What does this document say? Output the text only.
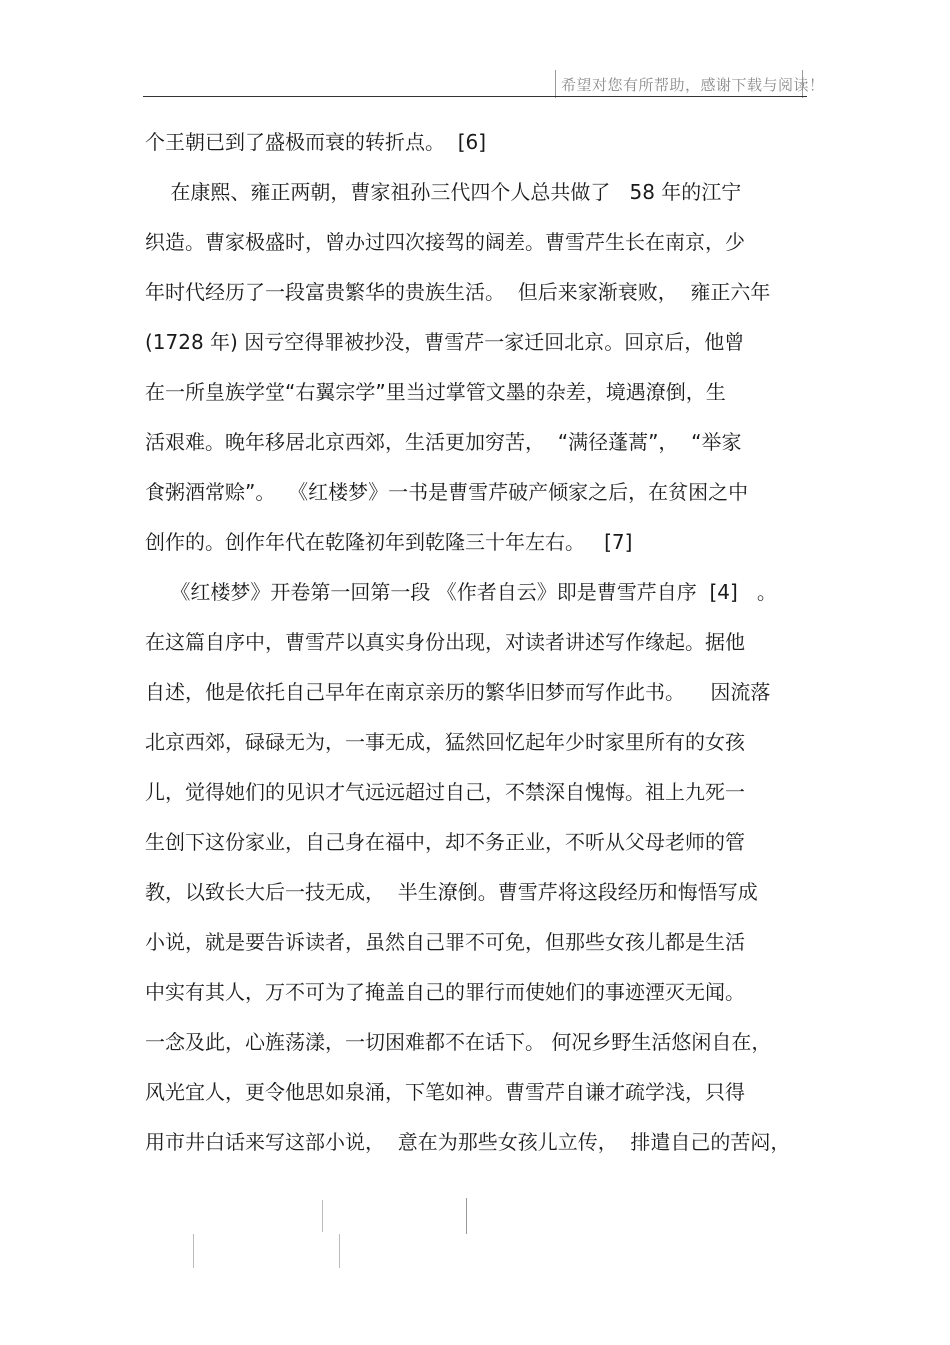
希望对您有所帮助，感谢下载与阅读！
个王朝已到了盛极而衰的转折点。  [6]
在康熙、雍正两朝，曹家祖孙三代四个人总共做了   58 年的江宁
织造。曹家极盛时，曾办过四次接驾的阔差。曹雪芹生长在南京，少
年时代经历了一段富贵繁华的贵族生活。  但后来家渐衰败，  雍正六年
(1728 年) 因亏空得罪被抄没，曹雪芹一家迁回北京。回京后，他曾
在一所皇族学堂“右翼宗学”里当过掌管文墨的杂差，境遇潦倒，生
活艰难。晚年移居北京西郊，生活更加穷苦，  “满径蓬蒿”，  “举家
食粥酒常赊”。  《红楼梦》一书是曹雪芹破产倾家之后，在贫困之中
创作的。创作年代在乾隆初年到乾隆三十年左右。   [7]
《红楼梦》开卷第一回第一段 《作者自云》即是曹雪芹自序  [4]   。
在这篇自序中，曹雪芹以真实身份出现，对读者讲述写作缘起。据他
自述，他是依托自己早年在南京亲历的繁华旧梦而写作此书。    因流落
北京西郊，碌碌无为，一事无成，猛然回忆起年少时家里所有的女孩
儿，觉得她们的见识才气远远超过自己，不禁深自愧悔。祖上九死一
生创下这份家业，自己身在福中，却不务正业，不听从父母老师的管
教，以致长大后一技无成，  半生潦倒。曹雪芹将这段经历和悔悟写成
小说，就是要告诉读者，虽然自己罪不可免，但那些女孩儿都是生活
中实有其人，万不可为了掩盖自己的罪行而使她们的事迹湮灭无闻。
一念及此，心旌荡漾，一切困难都不在话下。 何况乡野生活悠闲自在，
风光宜人，更令他思如泉涌，下笔如神。曹雪芹自谦才疏学浅，只得
用市井白话来写这部小说，  意在为那些女孩儿立传，  排遣自己的苦闷，
